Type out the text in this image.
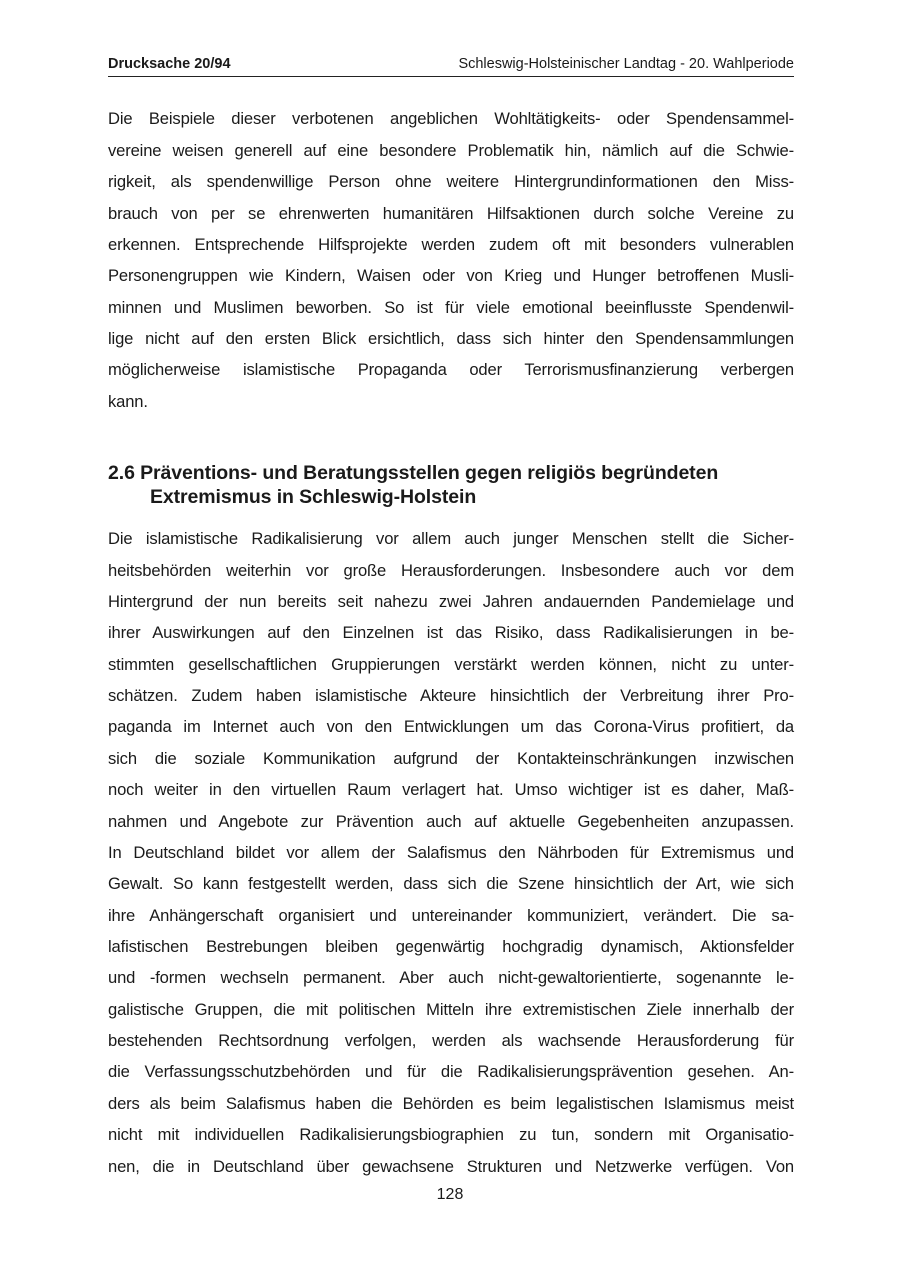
Drucksache 20/94	Schleswig-Holsteinischer Landtag - 20. Wahlperiode
Die Beispiele dieser verbotenen angeblichen Wohltätigkeits- oder Spendensammel-
vereine weisen generell auf eine besondere Problematik hin, nämlich auf die Schwie-
rigkeit, als spendenwillige Person ohne weitere Hintergrundinformationen den Miss-
brauch von per se ehrenwerten humanitären Hilfsaktionen durch solche Vereine zu
erkennen. Entsprechende Hilfsprojekte werden zudem oft mit besonders vulnerablen
Personengruppen wie Kindern, Waisen oder von Krieg und Hunger betroffenen Musli-
minnen und Muslimen beworben. So ist für viele emotional beeinflusste Spendenwil-
lige nicht auf den ersten Blick ersichtlich, dass sich hinter den Spendensammlungen
möglicherweise islamistische Propaganda oder Terrorismusfinanzierung verbergen
kann.
2.6 Präventions- und Beratungsstellen gegen religiös begründeten
Extremismus in Schleswig-Holstein
Die islamistische Radikalisierung vor allem auch junger Menschen stellt die Sicher-
heitsbehörden weiterhin vor große Herausforderungen. Insbesondere auch vor dem
Hintergrund der nun bereits seit nahezu zwei Jahren andauernden Pandemielage und
ihrer Auswirkungen auf den Einzelnen ist das Risiko, dass Radikalisierungen in be-
stimmten gesellschaftlichen Gruppierungen verstärkt werden können, nicht zu unter-
schätzen. Zudem haben islamistische Akteure hinsichtlich der Verbreitung ihrer Pro-
paganda im Internet auch von den Entwicklungen um das Corona-Virus profitiert, da
sich die soziale Kommunikation aufgrund der Kontakteinschränkungen inzwischen
noch weiter in den virtuellen Raum verlagert hat. Umso wichtiger ist es daher, Maß-
nahmen und Angebote zur Prävention auch auf aktuelle Gegebenheiten anzupassen.
In Deutschland bildet vor allem der Salafismus den Nährboden für Extremismus und
Gewalt. So kann festgestellt werden, dass sich die Szene hinsichtlich der Art, wie sich
ihre Anhängerschaft organisiert und untereinander kommuniziert, verändert. Die sa-
lafistischen Bestrebungen bleiben gegenwärtig hochgradig dynamisch, Aktionsfelder
und -formen wechseln permanent. Aber auch nicht-gewaltorientierte, sogenannte le-
galistische Gruppen, die mit politischen Mitteln ihre extremistischen Ziele innerhalb der
bestehenden Rechtsordnung verfolgen, werden als wachsende Herausforderung für
die Verfassungsschutzbehörden und für die Radikalisierungsprävention gesehen. An-
ders als beim Salafismus haben die Behörden es beim legalistischen Islamismus meist
nicht mit individuellen Radikalisierungsbiographien zu tun, sondern mit Organisatio-
nen, die in Deutschland über gewachsene Strukturen und Netzwerke verfügen. Von
128
